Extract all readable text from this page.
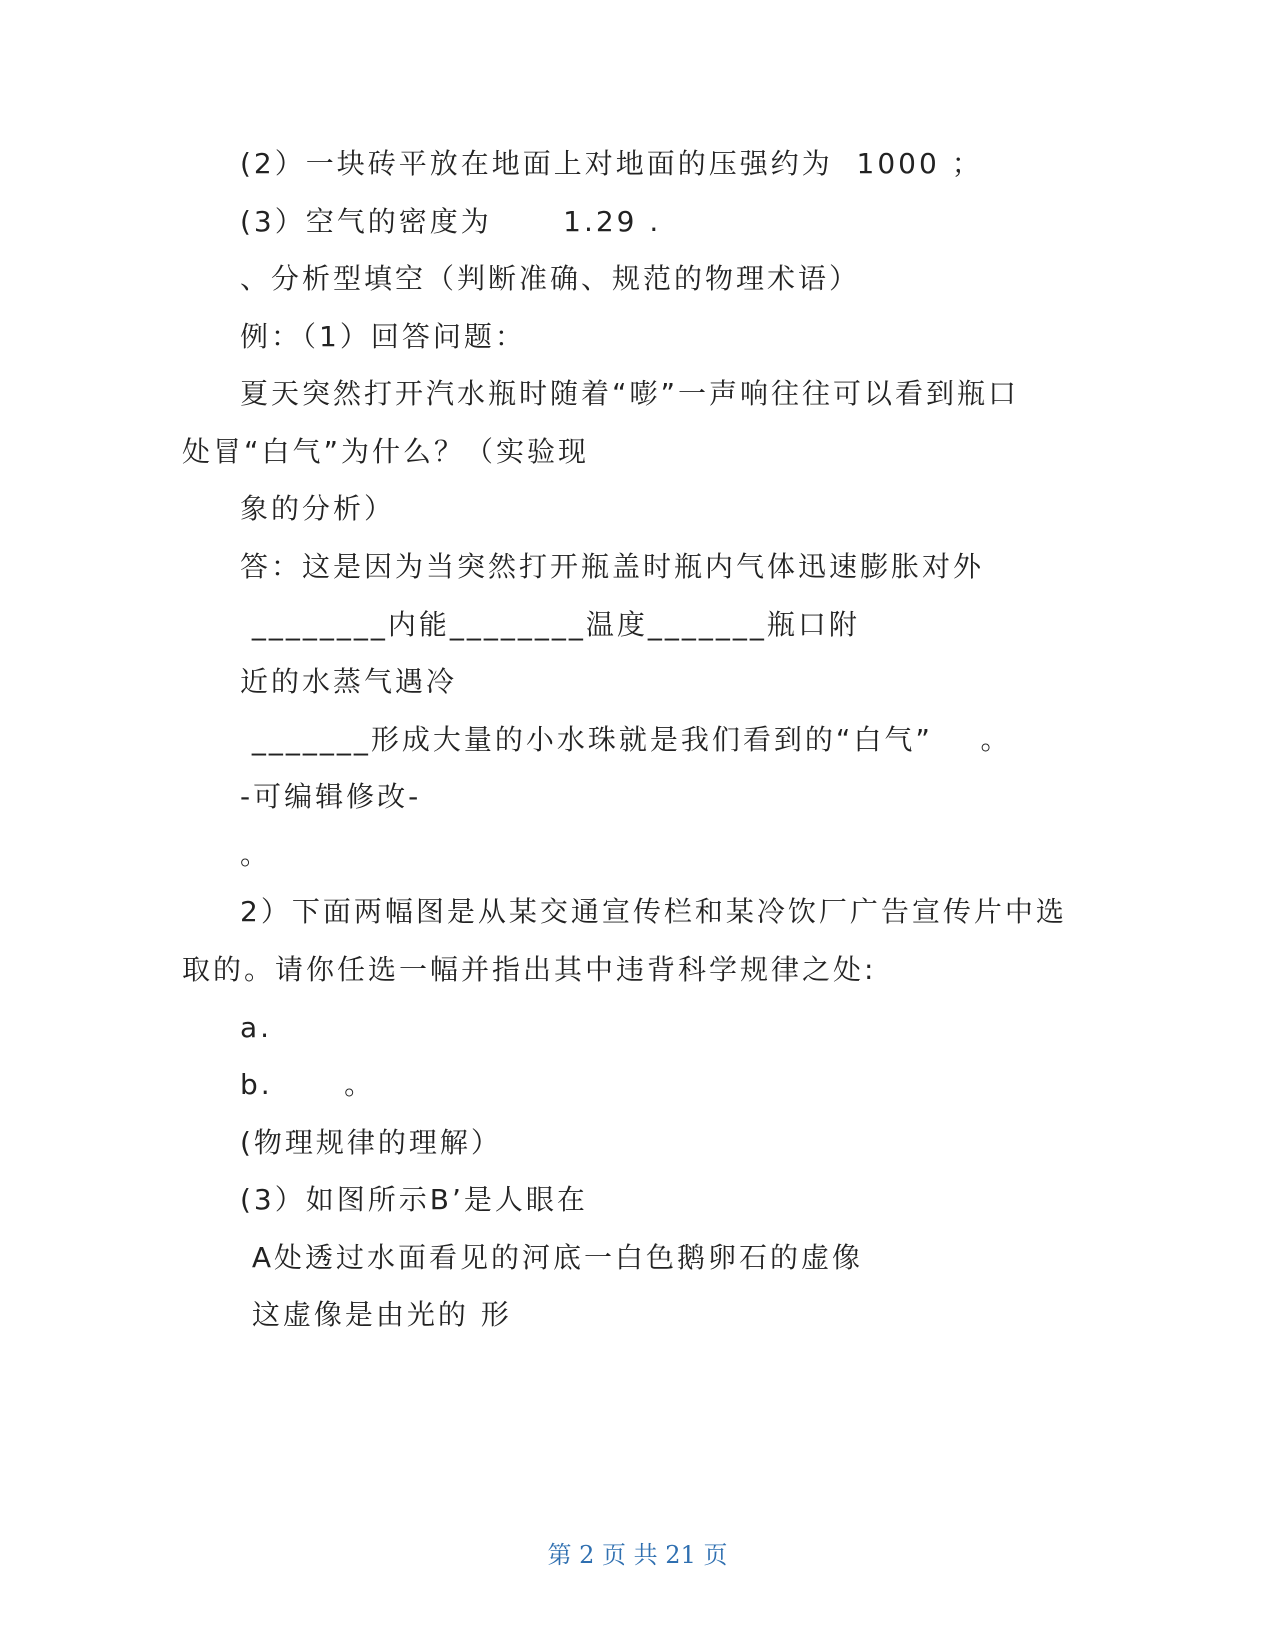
(2）一块砖平放在地面上对地面的压强约为  1000 ；
(3）空气的密度为      1.29 .
、分析型填空（判断准确、规范的物理术语）
例：（1）回答问题：
夏天突然打开汽水瓶时随着“嘭”一声响往往可以看到瓶口
处冒“白气”为什么？（实验现
象的分析）
答：这是因为当突然打开瓶盖时瓶内气体迅速膨胀对外
________内能________温度_______瓶口附
近的水蒸气遇冷
_______形成大量的小水珠就是我们看到的“白气”    。
-可编辑修改-
。
2）下面两幅图是从某交通宣传栏和某冷饮厂广告宣传片中选
取的。请你任选一幅并指出其中违背科学规律之处:
a.
b.      。
(物理规律的理解）
(3）如图所示B’是人眼在
A处透过水面看见的河底一白色鹅卵石的虚像
这虚像是由光的 形
第 2 页 共 21 页
